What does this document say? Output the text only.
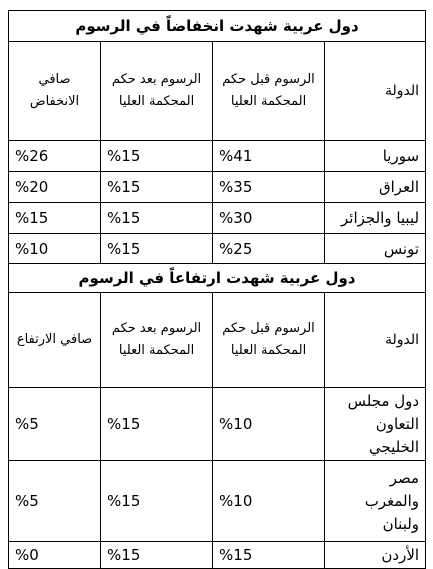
دول عربية شهدت انخفاضاً في الرسوم			
الدولة	الرسوم قبل حكم المحكمة العليا	الرسوم بعد حكم المحكمة العليا	صافي الانخفاض
سوريا	%41	%15	%26
العراق	%35	%15	%20
ليبيا والجزائر	%30	%15	%15
تونس	%25	%15	%10
دول عربية شهدت ارتفاعاً في الرسوم			
الدولة	الرسوم قبل حكم المحكمة العليا	الرسوم بعد حكم المحكمة العليا	صافي الارتفاع
دول مجلس التعاون الخليجي	%10	%15	%5
مصر والمغرب ولبنان	%10	%15	%5
الأردن	%15	%15	%0
